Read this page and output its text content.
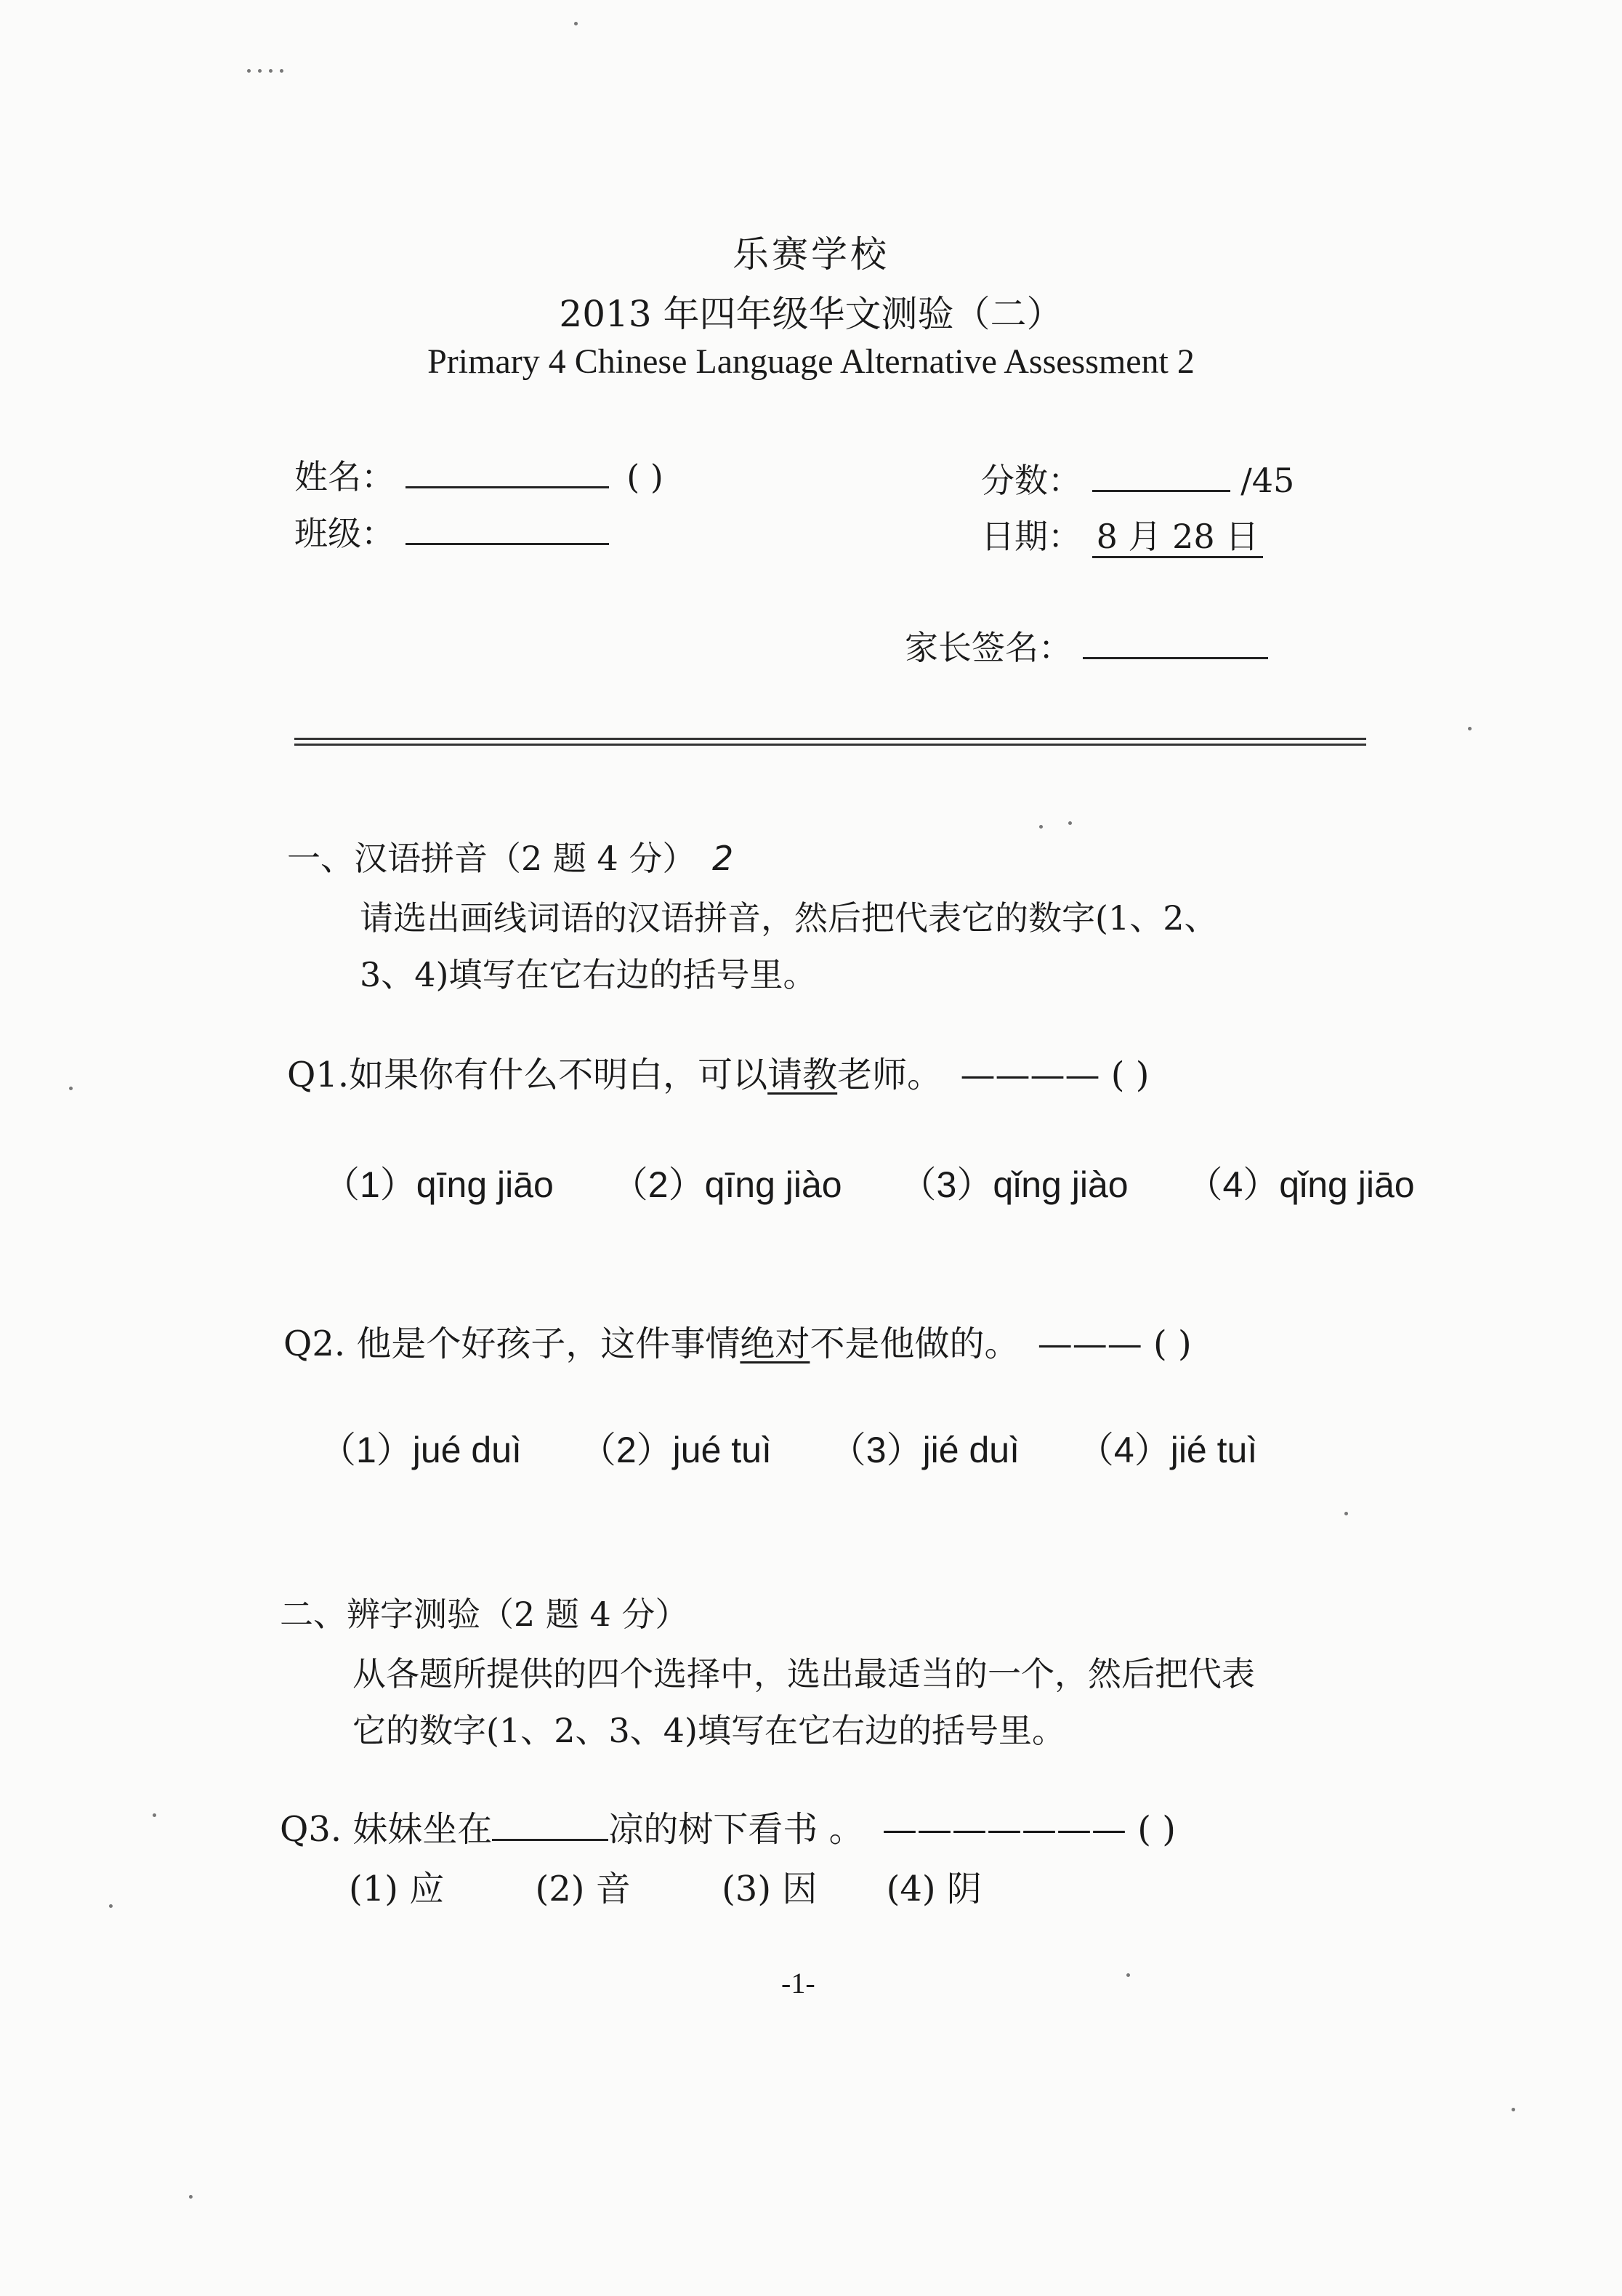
乐赛学校
2013 年四年级华文测验（二）
Primary 4 Chinese Language Alternative Assessment 2
姓名：	( )
班级：
分数：	/45
日期： 8 月 28 日
家长签名：
一、汉语拼音（2 题 4 分） 2
请选出画线词语的汉语拼音，然后把代表它的数字(1、2、
3、4)填写在它右边的括号里。
Q1.如果你有什么不明白，可以请教老师。 ———— ( )
（1）qīng jiāo （2）qīng jiào （3）qǐng jiào （4）qǐng jiāo
Q2. 他是个好孩子，这件事情绝对不是他做的。 ——— ( )
（1）jué duì （2）jué tuì （3）jié duì （4）jié tuì
二、辨字测验（2 题 4 分）
从各题所提供的四个选择中，选出最适当的一个，然后把代表
它的数字(1、2、3、4)填写在它右边的括号里。
Q3. 妹妹坐在	凉的树下看书 。 ——————— ( )
(1) 应	(2) 音	(3) 因 (4) 阴
-1-
